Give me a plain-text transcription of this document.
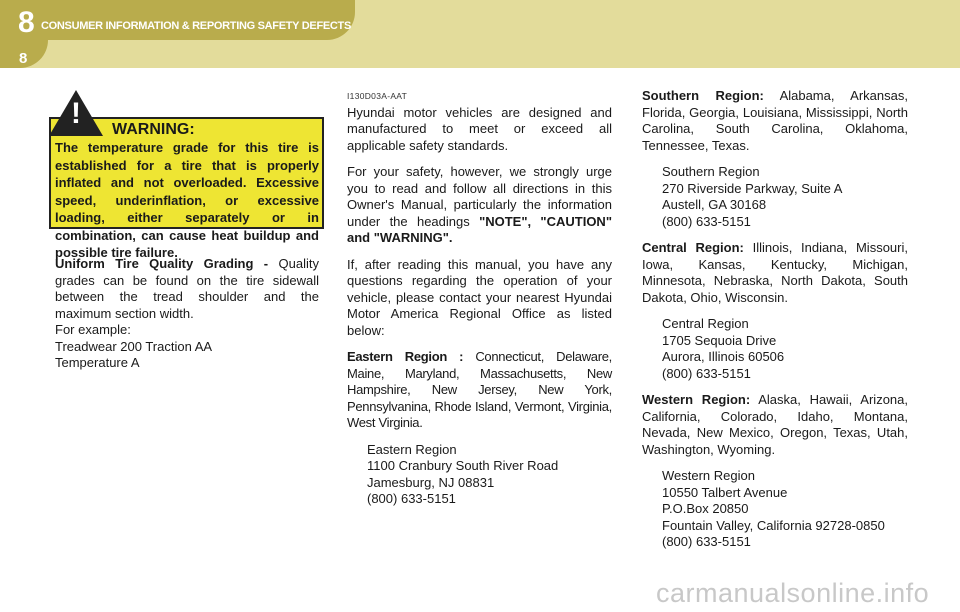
8 CONSUMER INFORMATION & REPORTING SAFETY DEFECTS
8
!	WARNING:
The temperature grade for this tire is established for a tire that is properly inflated and not overloaded. Excessive speed, underinflation, or excessive loading, either separately or in combination, can cause heat buildup and possible tire failure.

Uniform Tire Quality Grading - Quality grades can be found on the tire sidewall between the tread shoulder and the maximum section width.

For example:

Treadwear 200 Traction AA

Temperature A

I130D03A-AAT

Hyundai motor vehicles are designed and manufactured to meet or exceed all applicable safety standards.

For your safety, however, we strongly urge you to read and follow all directions in this Owner's Manual, particularly the information under the headings "NOTE", "CAUTION" and "WARNING".

If, after reading this manual, you have any questions regarding the operation of your vehicle, please contact your nearest Hyundai Motor America Regional Office as listed below:

Eastern Region : Connecticut, Delaware, Maine, Maryland, Massachusetts, New Hampshire, New Jersey, New York, Pennsylvanina, Rhode Island, Vermont, Virginia, West Virginia.

Eastern Region

1100 Cranbury South River Road

Jamesburg, NJ 08831

(800) 633-5151

Southern Region: Alabama, Arkansas, Florida, Georgia, Louisiana, Mississippi, North Carolina, South Carolina, Oklahoma, Tennessee, Texas.

Southern Region

270 Riverside Parkway, Suite A

Austell, GA 30168

(800) 633-5151

Central Region: Illinois, Indiana, Missouri, Iowa, Kansas, Kentucky, Michigan, Minnesota, Nebraska, North Dakota, South Dakota, Ohio, Wisconsin.

Central Region

1705 Sequoia Drive

Aurora, Illinois 60506

(800) 633-5151

Western Region: Alaska, Hawaii, Arizona, California, Colorado, Idaho, Montana, Nevada, New Mexico, Oregon, Texas, Utah, Washington, Wyoming.

Western Region

10550 Talbert Avenue

P.O.Box 20850

Fountain Valley, California 92728-0850

(800) 633-5151

carmanualsonline.info
